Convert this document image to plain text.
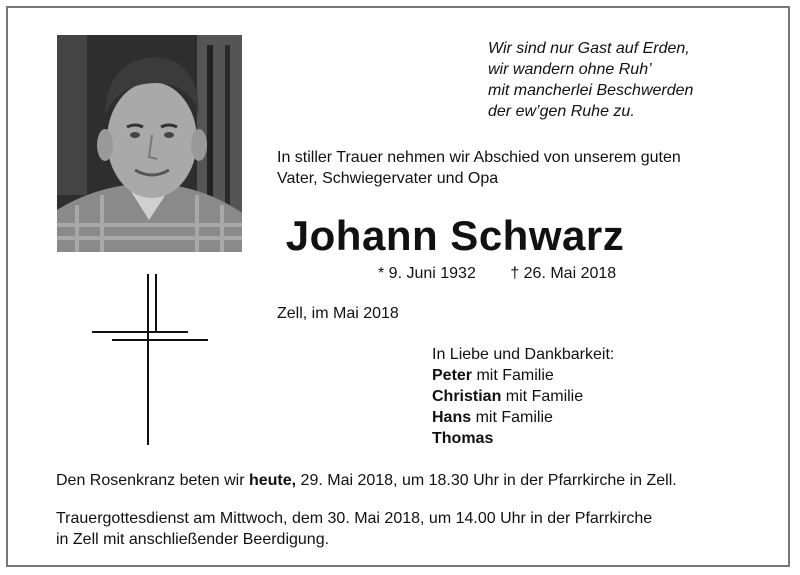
Wir sind nur Gast auf Erden,
wir wandern ohne Ruh’
mit mancherlei Beschwerden
der ew’gen Ruhe zu.
In stiller Trauer nehmen wir Abschied von unserem guten
Vater, Schwiegervater und Opa
Johann Schwarz
* 9. Juni 1932 † 26. Mai 2018
Zell, im Mai 2018
In Liebe und Dankbarkeit:
Peter mit Familie
Christian mit Familie
Hans mit Familie
Thomas
Den Rosenkranz beten wir heute, 29. Mai 2018, um 18.30 Uhr in der Pfarrkirche in Zell.
Trauergottesdienst am Mittwoch, dem 30. Mai 2018, um 14.00 Uhr in der Pfarrkirche
in Zell mit anschließender Beerdigung.
